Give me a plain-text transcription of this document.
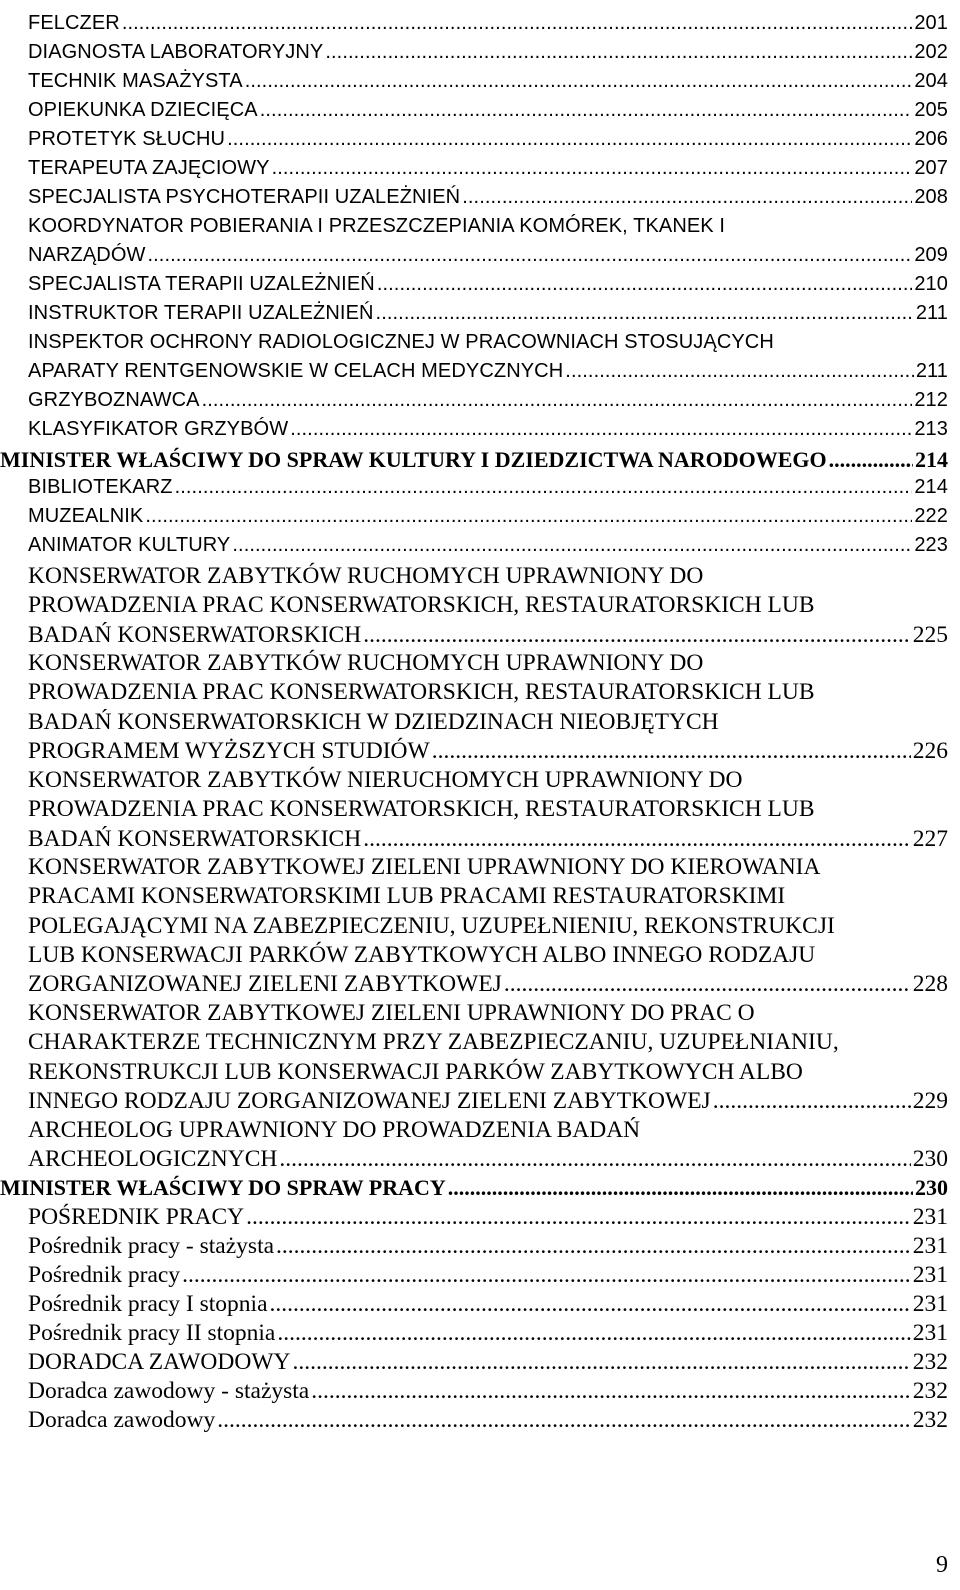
FELCZER .....	201
DIAGNOSTA LABORATORYJNY .....	202
TECHNIK MASAŻYSTA .....	204
OPIEKUNKA DZIECIĘCA .....	205
PROTETYK SŁUCHU .....	206
TERAPEUTA ZAJĘCIOWY .....	207
SPECJALISTA PSYCHOTERAPII UZALEŻNIEŃ .....	208
KOORDYNATOR POBIERANIA I PRZESZCZEPIANIA KOMÓREK, TKANEK I
NARZĄDÓW .....	209
SPECJALISTA TERAPII UZALEŻNIEŃ .....	210
INSTRUKTOR TERAPII UZALEŻNIEŃ .....	211
INSPEKTOR OCHRONY RADIOLOGICZNEJ W PRACOWNIACH STOSUJĄCYCH
APARATY RENTGENOWSKIE W CELACH MEDYCZNYCH .....	211
GRZYBOZNAWCA .....	212
KLASYFIKATOR GRZYBÓW .....	213
MINISTER WŁAŚCIWY DO SPRAW KULTURY I DZIEDZICTWA NARODOWEGO .....	214
BIBLIOTEKARZ .....	214
MUZEALNIK .....	222
ANIMATOR KULTURY .....	223
KONSERWATOR ZABYTKÓW RUCHOMYCH UPRAWNIONY DO
PROWADZENIA PRAC KONSERWATORSKICH, RESTAURATORSKICH LUB
BADAŃ KONSERWATORSKICH .....	225
KONSERWATOR ZABYTKÓW RUCHOMYCH UPRAWNIONY DO
PROWADZENIA PRAC KONSERWATORSKICH, RESTAURATORSKICH LUB
BADAŃ KONSERWATORSKICH W DZIEDZINACH NIEOBJĘTYCH
PROGRAMEM WYŻSZYCH STUDIÓW .....	226
KONSERWATOR ZABYTKÓW NIERUCHOMYCH UPRAWNIONY DO
PROWADZENIA PRAC KONSERWATORSKICH, RESTAURATORSKICH LUB
BADAŃ KONSERWATORSKICH .....	227
KONSERWATOR ZABYTKOWEJ ZIELENI UPRAWNIONY DO KIEROWANIA
PRACAMI KONSERWATORSKIMI LUB PRACAMI RESTAURATORSKIMI
POLEGAJĄCYMI NA ZABEZPIECZENIU, UZUPEŁNIENIU, REKONSTRUKCJI
LUB KONSERWACJI PARKÓW ZABYTKOWYCH ALBO INNEGO RODZAJU
ZORGANIZOWANEJ ZIELENI ZABYTKOWEJ .....	228
KONSERWATOR ZABYTKOWEJ ZIELENI UPRAWNIONY DO PRAC O
CHARAKTERZE TECHNICZNYM PRZY ZABEZPIECZANIU, UZUPEŁNIANIU,
REKONSTRUKCJI LUB KONSERWACJI PARKÓW ZABYTKOWYCH ALBO
INNEGO RODZAJU ZORGANIZOWANEJ ZIELENI ZABYTKOWEJ .....	229
ARCHEOLOG UPRAWNIONY DO PROWADZENIA BADAŃ
ARCHEOLOGICZNYCH .....	230
MINISTER WŁAŚCIWY DO SPRAW PRACY .....	230
POŚREDNIK PRACY .....	231
Pośrednik pracy - stażysta .....	231
Pośrednik pracy .....	231
Pośrednik pracy I stopnia .....	231
Pośrednik pracy II stopnia .....	231
DORADCA ZAWODOWY .....	232
Doradca zawodowy - stażysta .....	232
Doradca zawodowy .....	232
9
